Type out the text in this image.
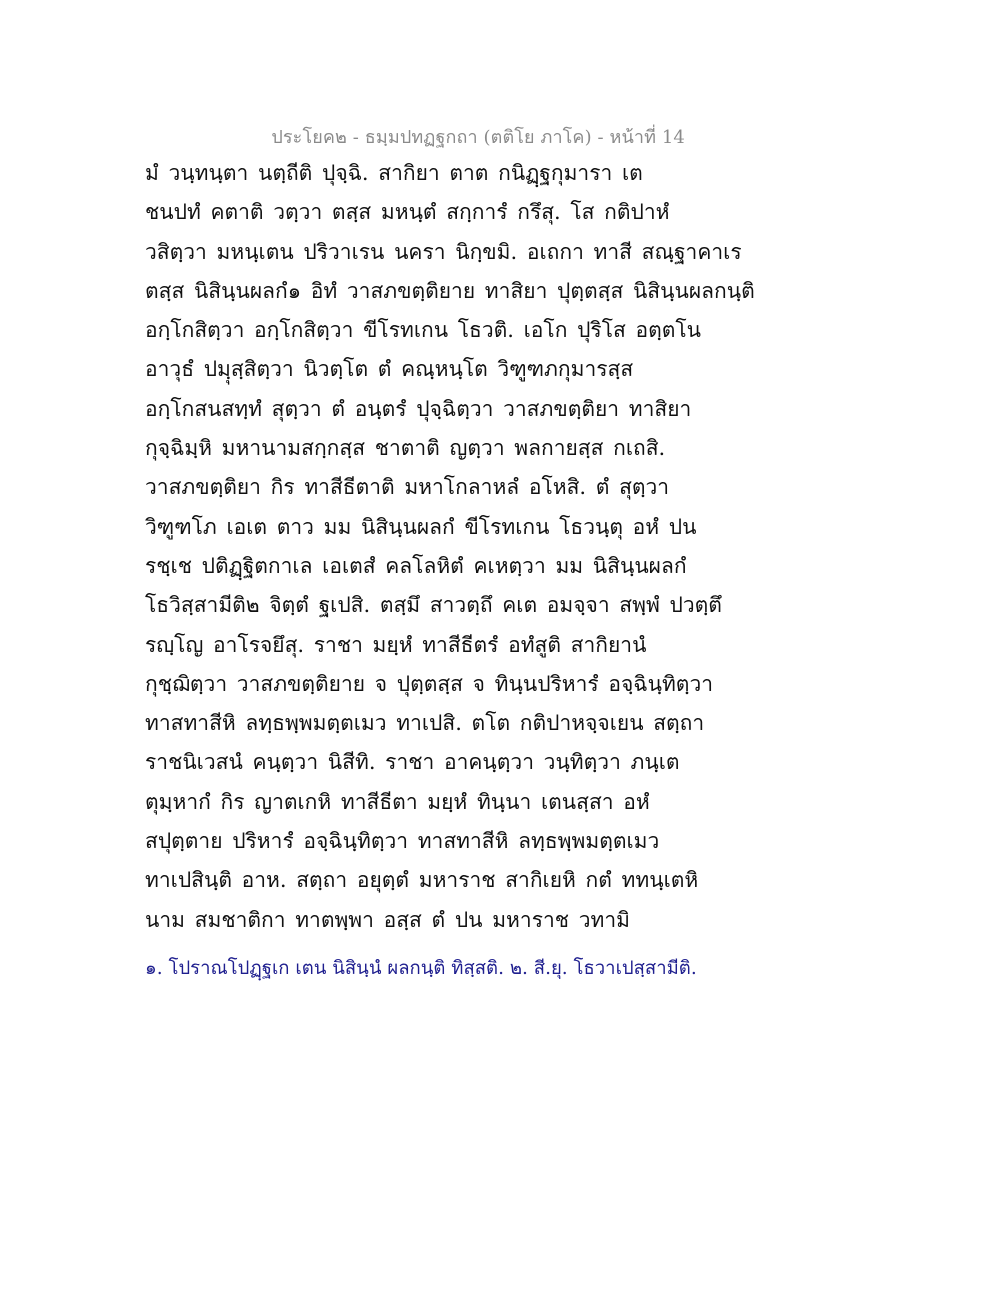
ประโยค๒ - ธมฺมปทฏฐกถา (ตติโย ภาโค) - หน้าที่ 14
มํ วนฺทนฺตา นตฺถีติ ปุจฺฉิ. สากิยา ตาต กนิฏฺฐกุมารา เต
ชนปทํ คตาติ วตฺวา ตสฺส มหนฺตํ สกฺการํ กรึสุ. โส กติปาหํ
วสิตฺวา มหนฺเตน ปริวาเรน นครา นิกฺขมิ. อเถกา ทาสี สณฺฐาคาเร
ตสฺส นิสินฺนผลกํ๑ อิทํ วาสภขตฺติยาย ทาสิยา ปุตฺตสฺส นิสินฺนผลกนฺติ
อกฺโกสิตฺวา อกฺโกสิตฺวา ขีโรทเกน โธวติ. เอโก ปุริโส อตฺตโน
อาวุธํ ปมฺุสฺสิตฺวา นิวตฺโต ตํ คณฺหนฺโต วิฑูฑภกุมารสฺส
อกฺโกสนสทฺทํ สุตฺวา ตํ อนฺตรํ ปุจฺฉิตฺวา วาสภขตฺติยา ทาสิยา
กุจฺฉิมฺหิ มหานามสกฺกสฺส ชาตาติ ญตฺวา พลกายสฺส กเถสิ.
วาสภขตฺติยา กิร ทาสีธีตาติ มหาโกลาหลํ อโหสิ. ตํ สุตฺวา
วิฑูฑโภ เอเต ตาว มม นิสินฺนผลกํ ขีโรทเกน โธวนฺตุ อหํ ปน
รชฺเช ปติฏฺฐิตกาเล เอเตสํ คลโลหิตํ คเหตฺวา มม นิสินฺนผลกํ
โธวิสฺสามีติ๒ จิตฺตํ ฐเปสิ. ตสฺมึ สาวตฺถึ คเต อมจฺจา สพฺพํ ปวตฺตึ
รญฺโญ อาโรจยึสุ. ราชา มยฺหํ ทาสีธีตรํ อทํสูติ สากิยานํ
กุชฺฌิตฺวา วาสภขตฺติยาย จ ปุตฺตสฺส จ ทินฺนปริหารํ อจฺฉินฺทิตฺวา
ทาสทาสีหิ ลทฺธพฺพมตฺตเมว ทาเปสิ. ตโต กติปาหจฺจเยน สตฺถา
ราชนิเวสนํ คนฺตฺวา นิสีทิ. ราชา อาคนฺตฺวา วนฺทิตฺวา ภนฺเต
ตุมฺหากํ กิร ญาตเกหิ ทาสีธีตา มยฺหํ ทินฺนา เตนสฺสา อหํ
สปุตฺตาย ปริหารํ อจฺฉินฺทิตฺวา ทาสทาสีหิ ลทฺธพฺพมตฺตเมว
ทาเปสินฺติ อาห. สตฺถา อยุตฺตํ มหาราช สากิเยหิ กตํ ททนฺเตหิ
นาม สมชาติกา ทาตพฺพา อสฺส ตํ ปน มหาราช วทามิ
๑. โปราณโปฏฺฐเก เตน นิสินฺนํ ผลกนฺติ ทิสฺสติ. ๒. สี.ยุ. โธวาเปสฺสามีติ.
